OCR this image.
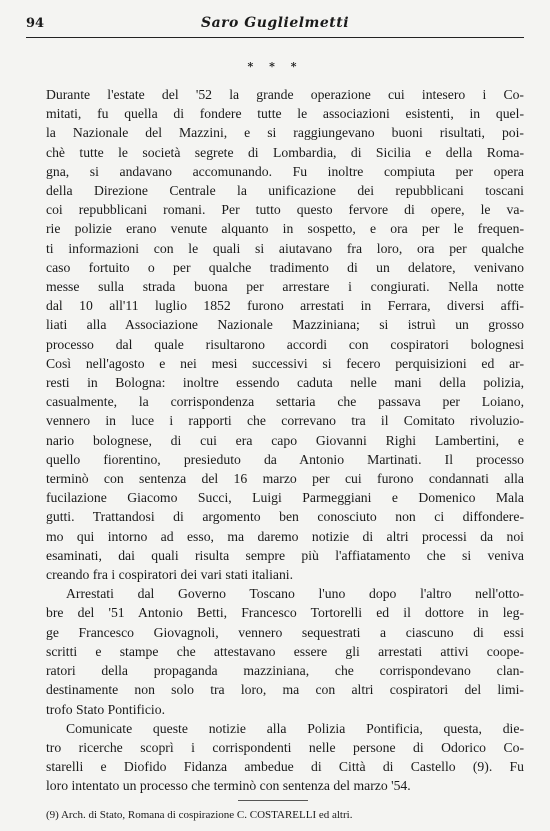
94	Saro Guglielmetti
* * *
Durante l'estate del '52 la grande operazione cui intesero i Co-
mitati, fu quella di fondere tutte le associazioni esistenti, in quel-
la Nazionale del Mazzini, e si raggiungevano buoni risultati, poi-
chè tutte le società segrete di Lombardia, di Sicilia e della Roma-
gna, si andavano accomunando. Fu inoltre compiuta per opera
della Direzione Centrale la unificazione dei repubblicani toscani
coi repubblicani romani. Per tutto questo fervore di opere, le va-
rie polizie erano venute alquanto in sospetto, e ora per le frequen-
ti informazioni con le quali si aiutavano fra loro, ora per qualche
caso fortuito o per qualche tradimento di un delatore, venivano
messe sulla strada buona per arrestare i congiurati. Nella notte
dal 10 all'11 luglio 1852 furono arrestati in Ferrara, diversi affi-
liati alla Associazione Nazionale Mazziniana; si istruì un grosso
processo dal quale risultarono accordi con cospiratori bolognesi
Così nell'agosto e nei mesi successivi si fecero perquisizioni ed ar-
resti in Bologna: inoltre essendo caduta nelle mani della polizia,
casualmente, la corrispondenza settaria che passava per Loiano,
vennero in luce i rapporti che correvano tra il Comitato rivoluzio-
nario bolognese, di cui era capo Giovanni Righi Lambertini, e
quello fiorentino, presieduto da Antonio Martinati. Il processo
terminò con sentenza del 16 marzo per cui furono condannati alla
fucilazione Giacomo Succi, Luigi Parmeggiani e Domenico Mala
gutti. Trattandosi di argomento ben conosciuto non ci diffondere-
mo qui intorno ad esso, ma daremo notizie di altri processi da noi
esaminati, dai quali risulta sempre più l'affiatamento che si veniva
creando fra i cospiratori dei vari stati italiani.
Arrestati dal Governo Toscano l'uno dopo l'altro nell'otto-
bre del '51 Antonio Betti, Francesco Tortorelli ed il dottore in leg-
ge Francesco Giovagnoli, vennero sequestrati a ciascuno di essi
scritti e stampe che attestavano essere gli arrestati attivi coope-
ratori della propaganda mazziniana, che corrispondevano clan-
destinamente non solo tra loro, ma con altri cospiratori del limi-
trofo Stato Pontificio.
Comunicate queste notizie alla Polizia Pontificia, questa, die-
tro ricerche scoprì i corrispondenti nelle persone di Odorico Co-
starelli e Diofido Fidanza ambedue di Città di Castello (9). Fu
loro intentato un processo che terminò con sentenza del marzo '54.
(9) Arch. di Stato, Romana di cospirazione C. COSTARELLI ed altri.
